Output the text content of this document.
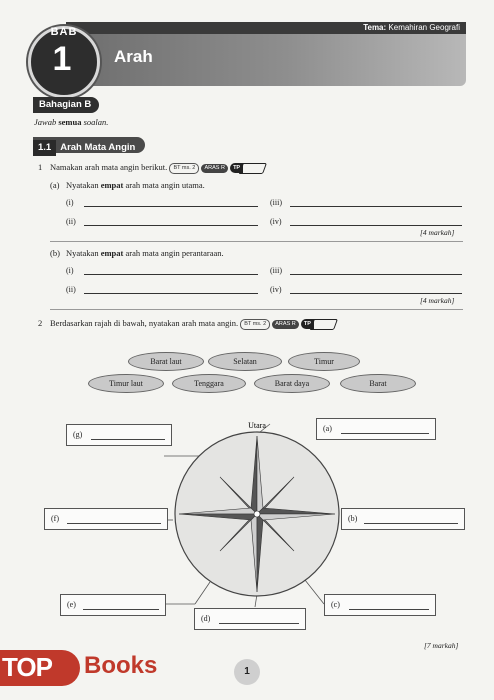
Tema: Kemahiran Geografi
BAB
1	Arah
Bahagian B
Jawab semua soalan.
1.1 Arah Mata Angin
1 Namakan arah mata angin berikut. BT ms. 2 ARAS R	TP
(a) Nyatakan empat arah mata angin utama.
(i)	(iii)
(ii)	(iv)
[4 markah]
(b) Nyatakan empat arah mata angin perantaraan.
(i)	(iii)
(ii)	(iv)
[4 markah]
2 Berdasarkan rajah di bawah, nyatakan arah mata angin. BT ms. 2 ARAS R	TP
Barat laut	Selatan	Timur
Timur laut	Tenggara	Barat daya	Barat
Utara
(g)
(a)
(f)	(b)
(e)	(c)
(d)
[7 markah]
TOP Books	1
